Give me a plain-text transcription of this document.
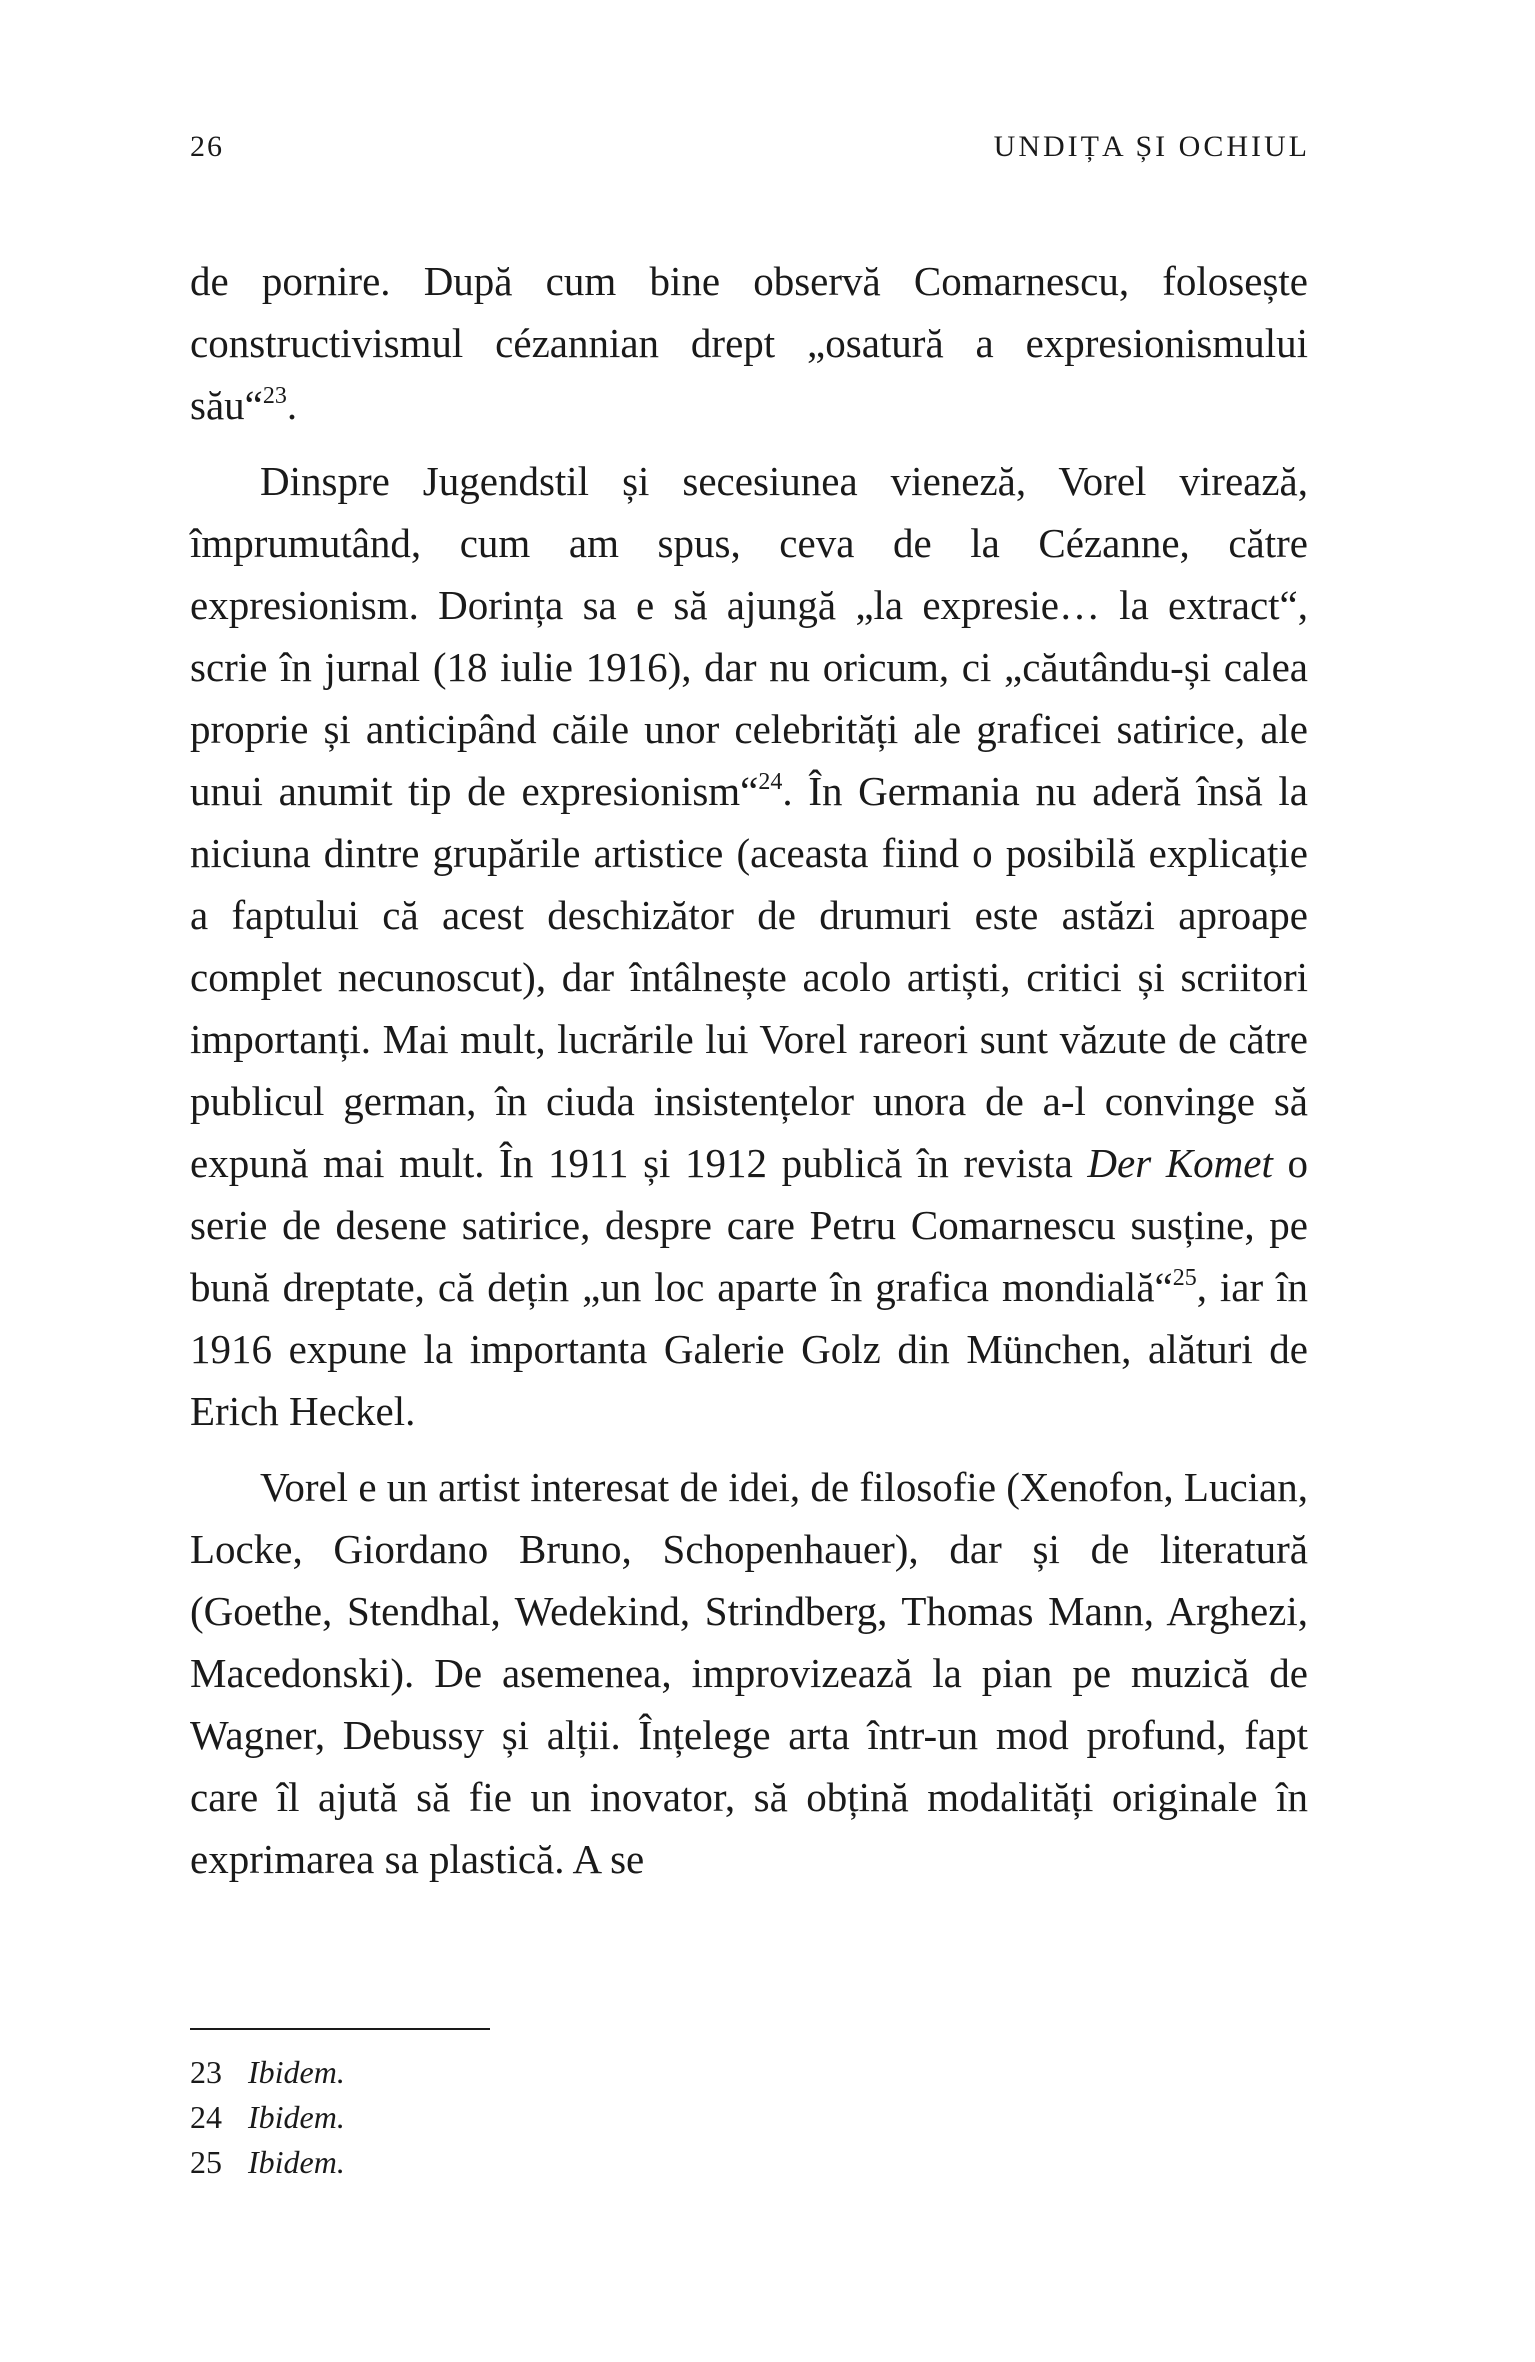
26	UNDIȚA ȘI OCHIUL

de pornire. După cum bine observă Comarnescu, folosește constructivismul cézannian drept „osatură a expresionismului său“$^{23}$.

Dinspre Jugendstil și secesiunea vieneză, Vorel virează, împrumutând, cum am spus, ceva de la Cézanne, către expresionism. Dorința sa e să ajungă „la expresie… la extract“, scrie în jurnal (18 iulie 1916), dar nu oricum, ci „căutându-și calea proprie și anticipând căile unor celebrități ale graficei satirice, ale unui anumit tip de expresionism“$^{24}$. În Germania nu aderă însă la niciuna dintre grupările artistice (aceasta fiind o posibilă explicație a faptului că acest deschizător de drumuri este astăzi aproape complet necunoscut), dar întâlnește acolo artiști, critici și scriitori importanți. Mai mult, lucrările lui Vorel rareori sunt văzute de către publicul german, în ciuda insistențelor unora de a-l convinge să expună mai mult. În 1911 și 1912 publică în revista Der Komet o serie de desene satirice, despre care Petru Comarnescu susține, pe bună dreptate, că dețin „un loc aparte în grafica mondială“$^{25}$, iar în 1916 expune la importanta Galerie Golz din München, alături de Erich Heckel.

Vorel e un artist interesat de idei, de filosofie (Xenofon, Lucian, Locke, Giordano Bruno, Schopenhauer), dar și de literatură (Goethe, Stendhal, Wedekind, Strindberg, Thomas Mann, Arghezi, Macedonski). De asemenea, improvizează la pian pe muzică de Wagner, Debussy și alții. Înțelege arta într-un mod profund, fapt care îl ajută să fie un inovator, să obțină modalități originale în exprimarea sa plastică. A se

23 Ibidem.
24 Ibidem.
25 Ibidem.
